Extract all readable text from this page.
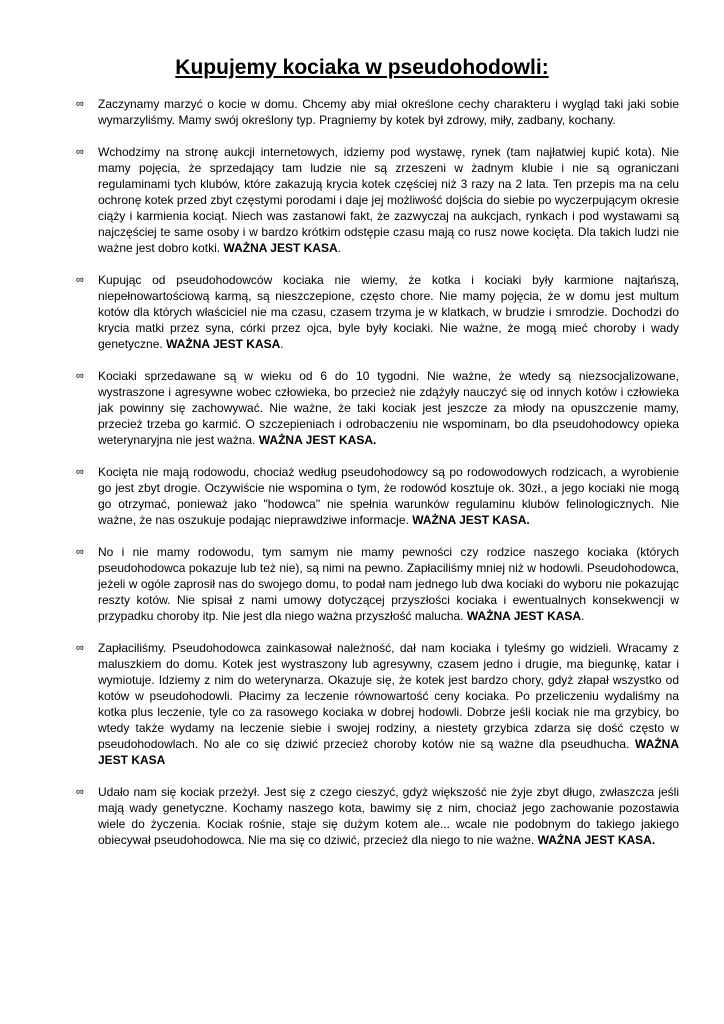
Kupujemy kociaka w pseudohodowli:
∞ Zaczynamy marzyć o kocie w domu. Chcemy aby miał określone cechy charakteru i wygląd taki jaki sobie wymarzyliśmy. Mamy swój określony typ. Pragniemy by kotek był zdrowy, miły, zadbany, kochany.
∞ Wchodzimy na stronę aukcji internetowych, idziemy pod wystawę, rynek (tam najłatwiej kupić kota). Nie mamy pojęcia, że sprzedający tam ludzie nie są zrzeszeni w żadnym klubie i nie są ograniczani regulaminami tych klubów, które zakazują krycia kotek częściej niż 3 razy na 2 lata. Ten przepis ma na celu ochronę kotek przed zbyt częstymi porodami i daje jej możliwość dojścia do siebie po wyczerpującym okresie ciąży i karmienia kociąt. Niech was zastanowi fakt, że zazwyczaj na aukcjach, rynkach i pod wystawami są najczęściej te same osoby i w bardzo krótkim odstępie czasu mają co rusz nowe kocięta. Dla takich ludzi nie ważne jest dobro kotki. WAŻNA JEST KASA.
∞ Kupując od pseudohodowców kociaka nie wiemy, że kotka i kociaki były karmione najtańszą, niepełnowartościową karmą, są nieszczepione, często chore. Nie mamy pojęcia, że w domu jest multum kotów dla których właściciel nie ma czasu, czasem trzyma je w klatkach, w brudzie i smrodzie. Dochodzi do krycia matki przez syna, córki przez ojca, byle były kociaki. Nie ważne, że mogą mieć choroby i wady genetyczne. WAŻNA JEST KASA.
∞ Kociaki sprzedawane są w wieku od 6 do 10 tygodni. Nie ważne, że wtedy są niezsocjalizowane, wystraszone i agresywne wobec człowieka, bo przecież nie zdążyły nauczyć się od innych kotów i człowieka jak powinny się zachowywać. Nie ważne, że taki kociak jest jeszcze za młody na opuszczenie mamy, przecież trzeba go karmić. O szczepieniach i odrobaczeniu nie wspominam, bo dla pseudohodowcy opieka weterynaryjna nie jest ważna. WAŻNA JEST KASA.
∞ Kocięta nie mają rodowodu, chociaż według pseudohodowcy są po rodowodowych rodzicach, a wyrobienie go jest zbyt drogie. Oczywiście nie wspomina o tym, że rodowód kosztuje ok. 30zł., a jego kociaki nie mogą go otrzymać, ponieważ jako "hodowca" nie spełnia warunków regulaminu klubów felinologicznych. Nie ważne, że nas oszukuje podając nieprawdziwe informacje. WAŻNA JEST KASA.
∞ No i nie mamy rodowodu, tym samym nie mamy pewności czy rodzice naszego kociaka (których pseudohodowca pokazuje lub też nie), są nimi na pewno. Zapłaciliśmy mniej niż w hodowli. Pseudohodowca, jeżeli w ogóle zaprosił nas do swojego domu, to podał nam jednego lub dwa kociaki do wyboru nie pokazując reszty kotów. Nie spisał z nami umowy dotyczącej przyszłości kociaka i ewentualnych konsekwencji w przypadku choroby itp. Nie jest dla niego ważna przyszłość malucha. WAŻNA JEST KASA.
∞ Zapłaciliśmy. Pseudohodowca zainkasował należność, dał nam kociaka i tyleśmy go widzieli. Wracamy z maluszkiem do domu. Kotek jest wystraszony lub agresywny, czasem jedno i drugie, ma biegunkę, katar i wymiotuje. Idziemy z nim do weterynarza. Okazuje się, że kotek jest bardzo chory, gdyż złapał wszystko od kotów w pseudohodowli. Płacimy za leczenie równowartość ceny kociaka. Po przeliczeniu wydaliśmy na kotka plus leczenie, tyle co za rasowego kociaka w dobrej hodowli. Dobrze jeśli kociak nie ma grzybicy, bo wtedy także wydamy na leczenie siebie i swojej rodziny, a niestety grzybica zdarza się dość często w pseudohodowlach. No ale co się dziwić przecież choroby kotów nie są ważne dla pseudhucha. WAŻNA JEST KASA
∞ Udało nam się kociak przeżył. Jest się z czego cieszyć, gdyż większość nie żyje zbyt długo, zwłaszcza jeśli mają wady genetyczne. Kochamy naszego kota, bawimy się z nim, chociaż jego zachowanie pozostawia wiele do życzenia. Kociak rośnie, staje się dużym kotem ale... wcale nie podobnym do takiego jakiego obiecywał pseudohodowca. Nie ma się co dziwić, przecież dla niego to nie ważne. WAŻNA JEST KASA.
